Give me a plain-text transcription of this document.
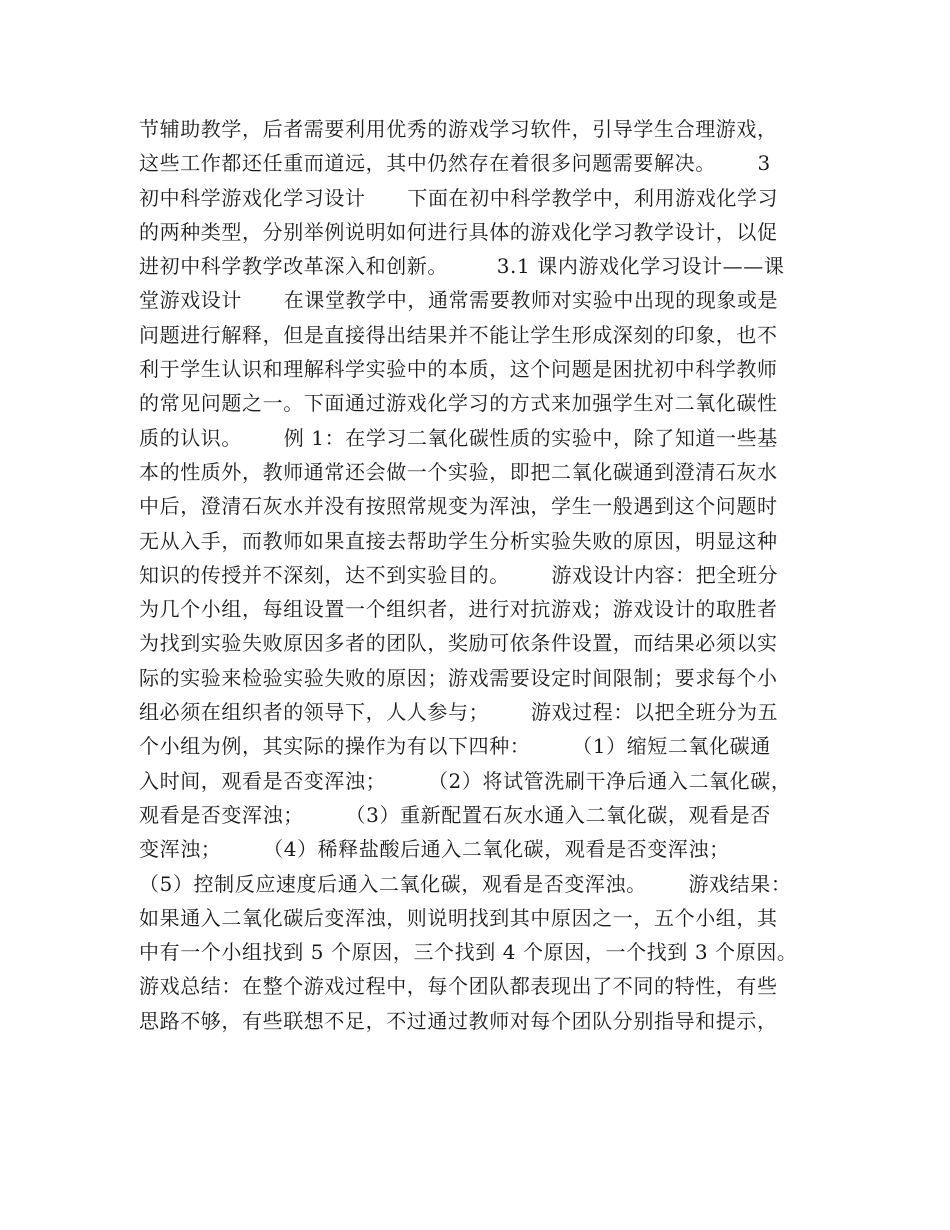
节辅助教学，后者需要利用优秀的游戏学习软件，引导学生合理游戏，
这些工作都还任重而道远，其中仍然存在着很多问题需要解决。      3
初中科学游戏化学习设计      下面在初中科学教学中，利用游戏化学习
的两种类型，分别举例说明如何进行具体的游戏化学习教学设计，以促
进初中科学教学改革深入和创新。       3.1 课内游戏化学习设计——课
堂游戏设计      在课堂教学中，通常需要教师对实验中出现的现象或是
问题进行解释，但是直接得出结果并不能让学生形成深刻的印象，也不
利于学生认识和理解科学实验中的本质，这个问题是困扰初中科学教师
的常见问题之一。下面通过游戏化学习的方式来加强学生对二氧化碳性
质的认识。      例 1：在学习二氧化碳性质的实验中，除了知道一些基
本的性质外，教师通常还会做一个实验，即把二氧化碳通到澄清石灰水
中后，澄清石灰水并没有按照常规变为浑浊，学生一般遇到这个问题时
无从入手，而教师如果直接去帮助学生分析实验失败的原因，明显这种
知识的传授并不深刻，达不到实验目的。      游戏设计内容：把全班分
为几个小组，每组设置一个组织者，进行对抗游戏；游戏设计的取胜者
为找到实验失败原因多者的团队，奖励可依条件设置，而结果必须以实
际的实验来检验实验失败的原因；游戏需要设定时间限制；要求每个小
组必须在组织者的领导下，人人参与；      游戏过程：以把全班分为五
个小组为例，其实际的操作为有以下四种：      （1）缩短二氧化碳通
入时间，观看是否变浑浊；      （2）将试管洗刷干净后通入二氧化碳，
观看是否变浑浊；      （3）重新配置石灰水通入二氧化碳，观看是否
变浑浊；      （4）稀释盐酸后通入二氧化碳，观看是否变浑浊；
（5）控制反应速度后通入二氧化碳，观看是否变浑浊。      游戏结果：
如果通入二氧化碳后变浑浊，则说明找到其中原因之一，五个小组，其
中有一个小组找到 5 个原因，三个找到 4 个原因，一个找到 3 个原因。
游戏总结：在整个游戏过程中，每个团队都表现出了不同的特性，有些
思路不够，有些联想不足，不过通过教师对每个团队分别指导和提示，
